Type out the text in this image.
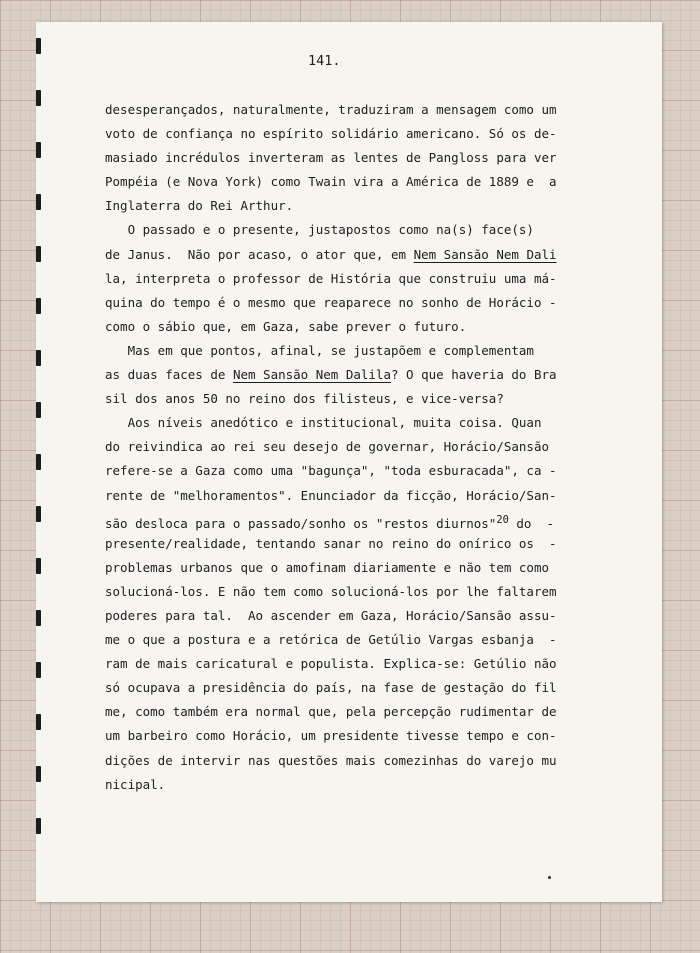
141.
desesperançados, naturalmente, traduziram a mensagem como um
voto de confiança no espírito solidário americano. Só os de-
masiado incrédulos inverteram as lentes de Pangloss para ver
Pompéia (e Nova York) como Twain vira a América de 1889 e  a
Inglaterra do Rei Arthur.
O passado e o presente, justapostos como na(s) face(s)
de Janus.  Não por acaso, o ator que, em Nem Sansão Nem Dali
la, interpreta o professor de História que construiu uma má-
quina do tempo é o mesmo que reaparece no sonho de Horácio -
como o sábio que, em Gaza, sabe prever o futuro.
Mas em que pontos, afinal, se justapõem e complementam
as duas faces de Nem Sansão Nem Dalila? O que haveria do Bra
sil dos anos 50 no reino dos filisteus, e vice-versa?
Aos níveis anedótico e institucional, muita coisa. Quan
do reivindica ao rei seu desejo de governar, Horácio/Sansão
refere-se a Gaza como uma "bagunça", "toda esburacada", ca -
rente de "melhoramentos". Enunciador da ficção, Horácio/San-
são desloca para o passado/sonho os "restos diurnos"$^{20}$ do  -
presente/realidade, tentando sanar no reino do onírico os  -
problemas urbanos que o amofinam diariamente e não tem como
solucioná-los. E não tem como solucioná-los por lhe faltarem
poderes para tal.  Ao ascender em Gaza, Horácio/Sansão assu-
me o que a postura e a retórica de Getúlio Vargas esbanja  -
ram de mais caricatural e populista. Explica-se: Getúlio não
só ocupava a presidência do país, na fase de gestação do fil
me, como também era normal que, pela percepção rudimentar de
um barbeiro como Horácio, um presidente tivesse tempo e con-
dições de intervir nas questões mais comezinhas do varejo mu
nicipal.
